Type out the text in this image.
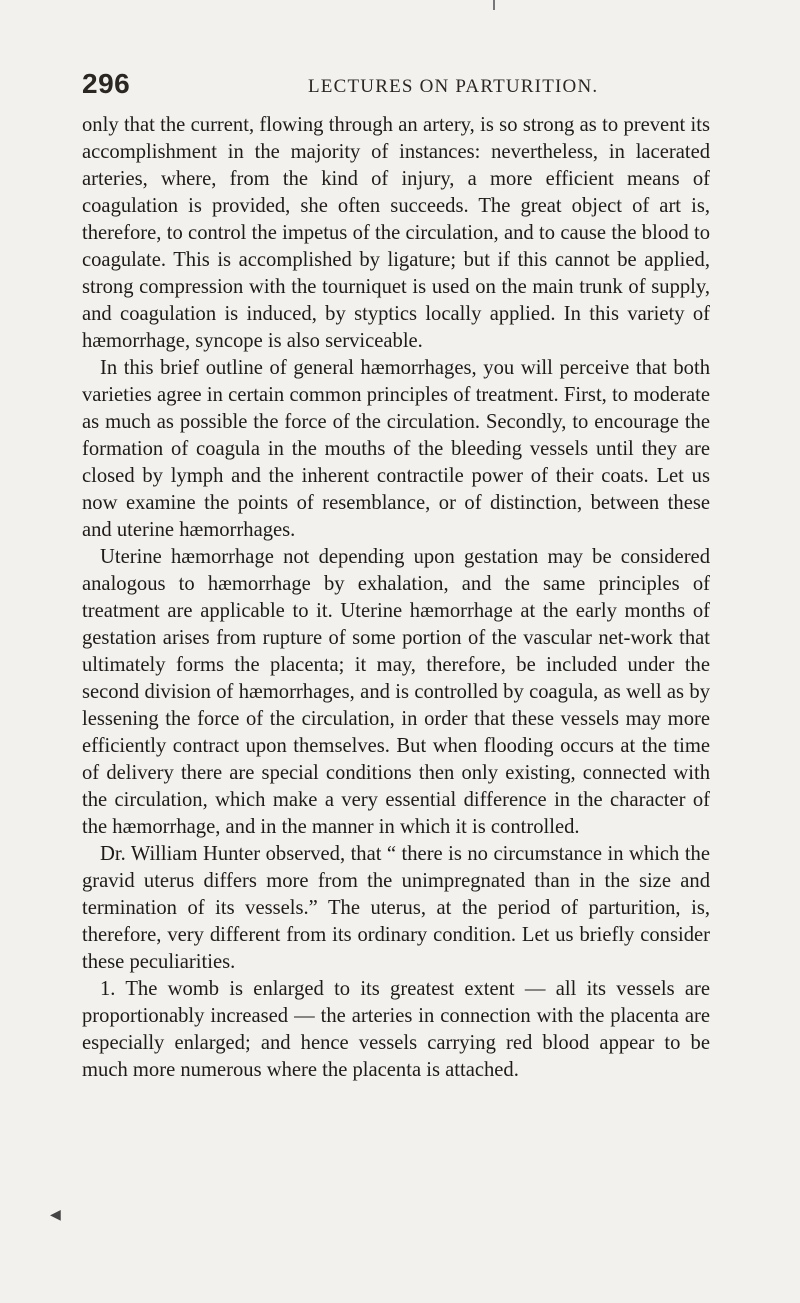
296	LECTURES ON PARTURITION.

only that the current, flowing through an artery, is so strong as to prevent its accomplishment in the majority of instances: nevertheless, in lacerated arteries, where, from the kind of injury, a more efficient means of coagulation is provided, she often succeeds. The great object of art is, therefore, to control the impetus of the circulation, and to cause the blood to coagulate. This is accomplished by ligature; but if this cannot be applied, strong compression with the tourniquet is used on the main trunk of supply, and coagulation is induced, by styptics locally applied. In this variety of hæmorrhage, syncope is also serviceable.

In this brief outline of general hæmorrhages, you will perceive that both varieties agree in certain common principles of treatment. First, to moderate as much as possible the force of the circulation. Secondly, to encourage the formation of coagula in the mouths of the bleeding vessels until they are closed by lymph and the inherent contractile power of their coats. Let us now examine the points of resemblance, or of distinction, between these and uterine hæmorrhages.

Uterine hæmorrhage not depending upon gestation may be considered analogous to hæmorrhage by exhalation, and the same principles of treatment are applicable to it. Uterine hæmorrhage at the early months of gestation arises from rupture of some portion of the vascular net-work that ultimately forms the placenta; it may, therefore, be included under the second division of hæmorrhages, and is controlled by coagula, as well as by lessening the force of the circulation, in order that these vessels may more efficiently contract upon themselves. But when flooding occurs at the time of delivery there are special conditions then only existing, connected with the circulation, which make a very essential difference in the character of the hæmorrhage, and in the manner in which it is controlled.

Dr. William Hunter observed, that “ there is no circumstance in which the gravid uterus differs more from the unimpregnated than in the size and termination of its vessels.” The uterus, at the period of parturition, is, therefore, very different from its ordinary condition. Let us briefly consider these peculiarities.

1. The womb is enlarged to its greatest extent — all its vessels are proportionably increased — the arteries in connection with the placenta are especially enlarged; and hence vessels carrying red blood appear to be much more numerous where the placenta is attached.

◀
